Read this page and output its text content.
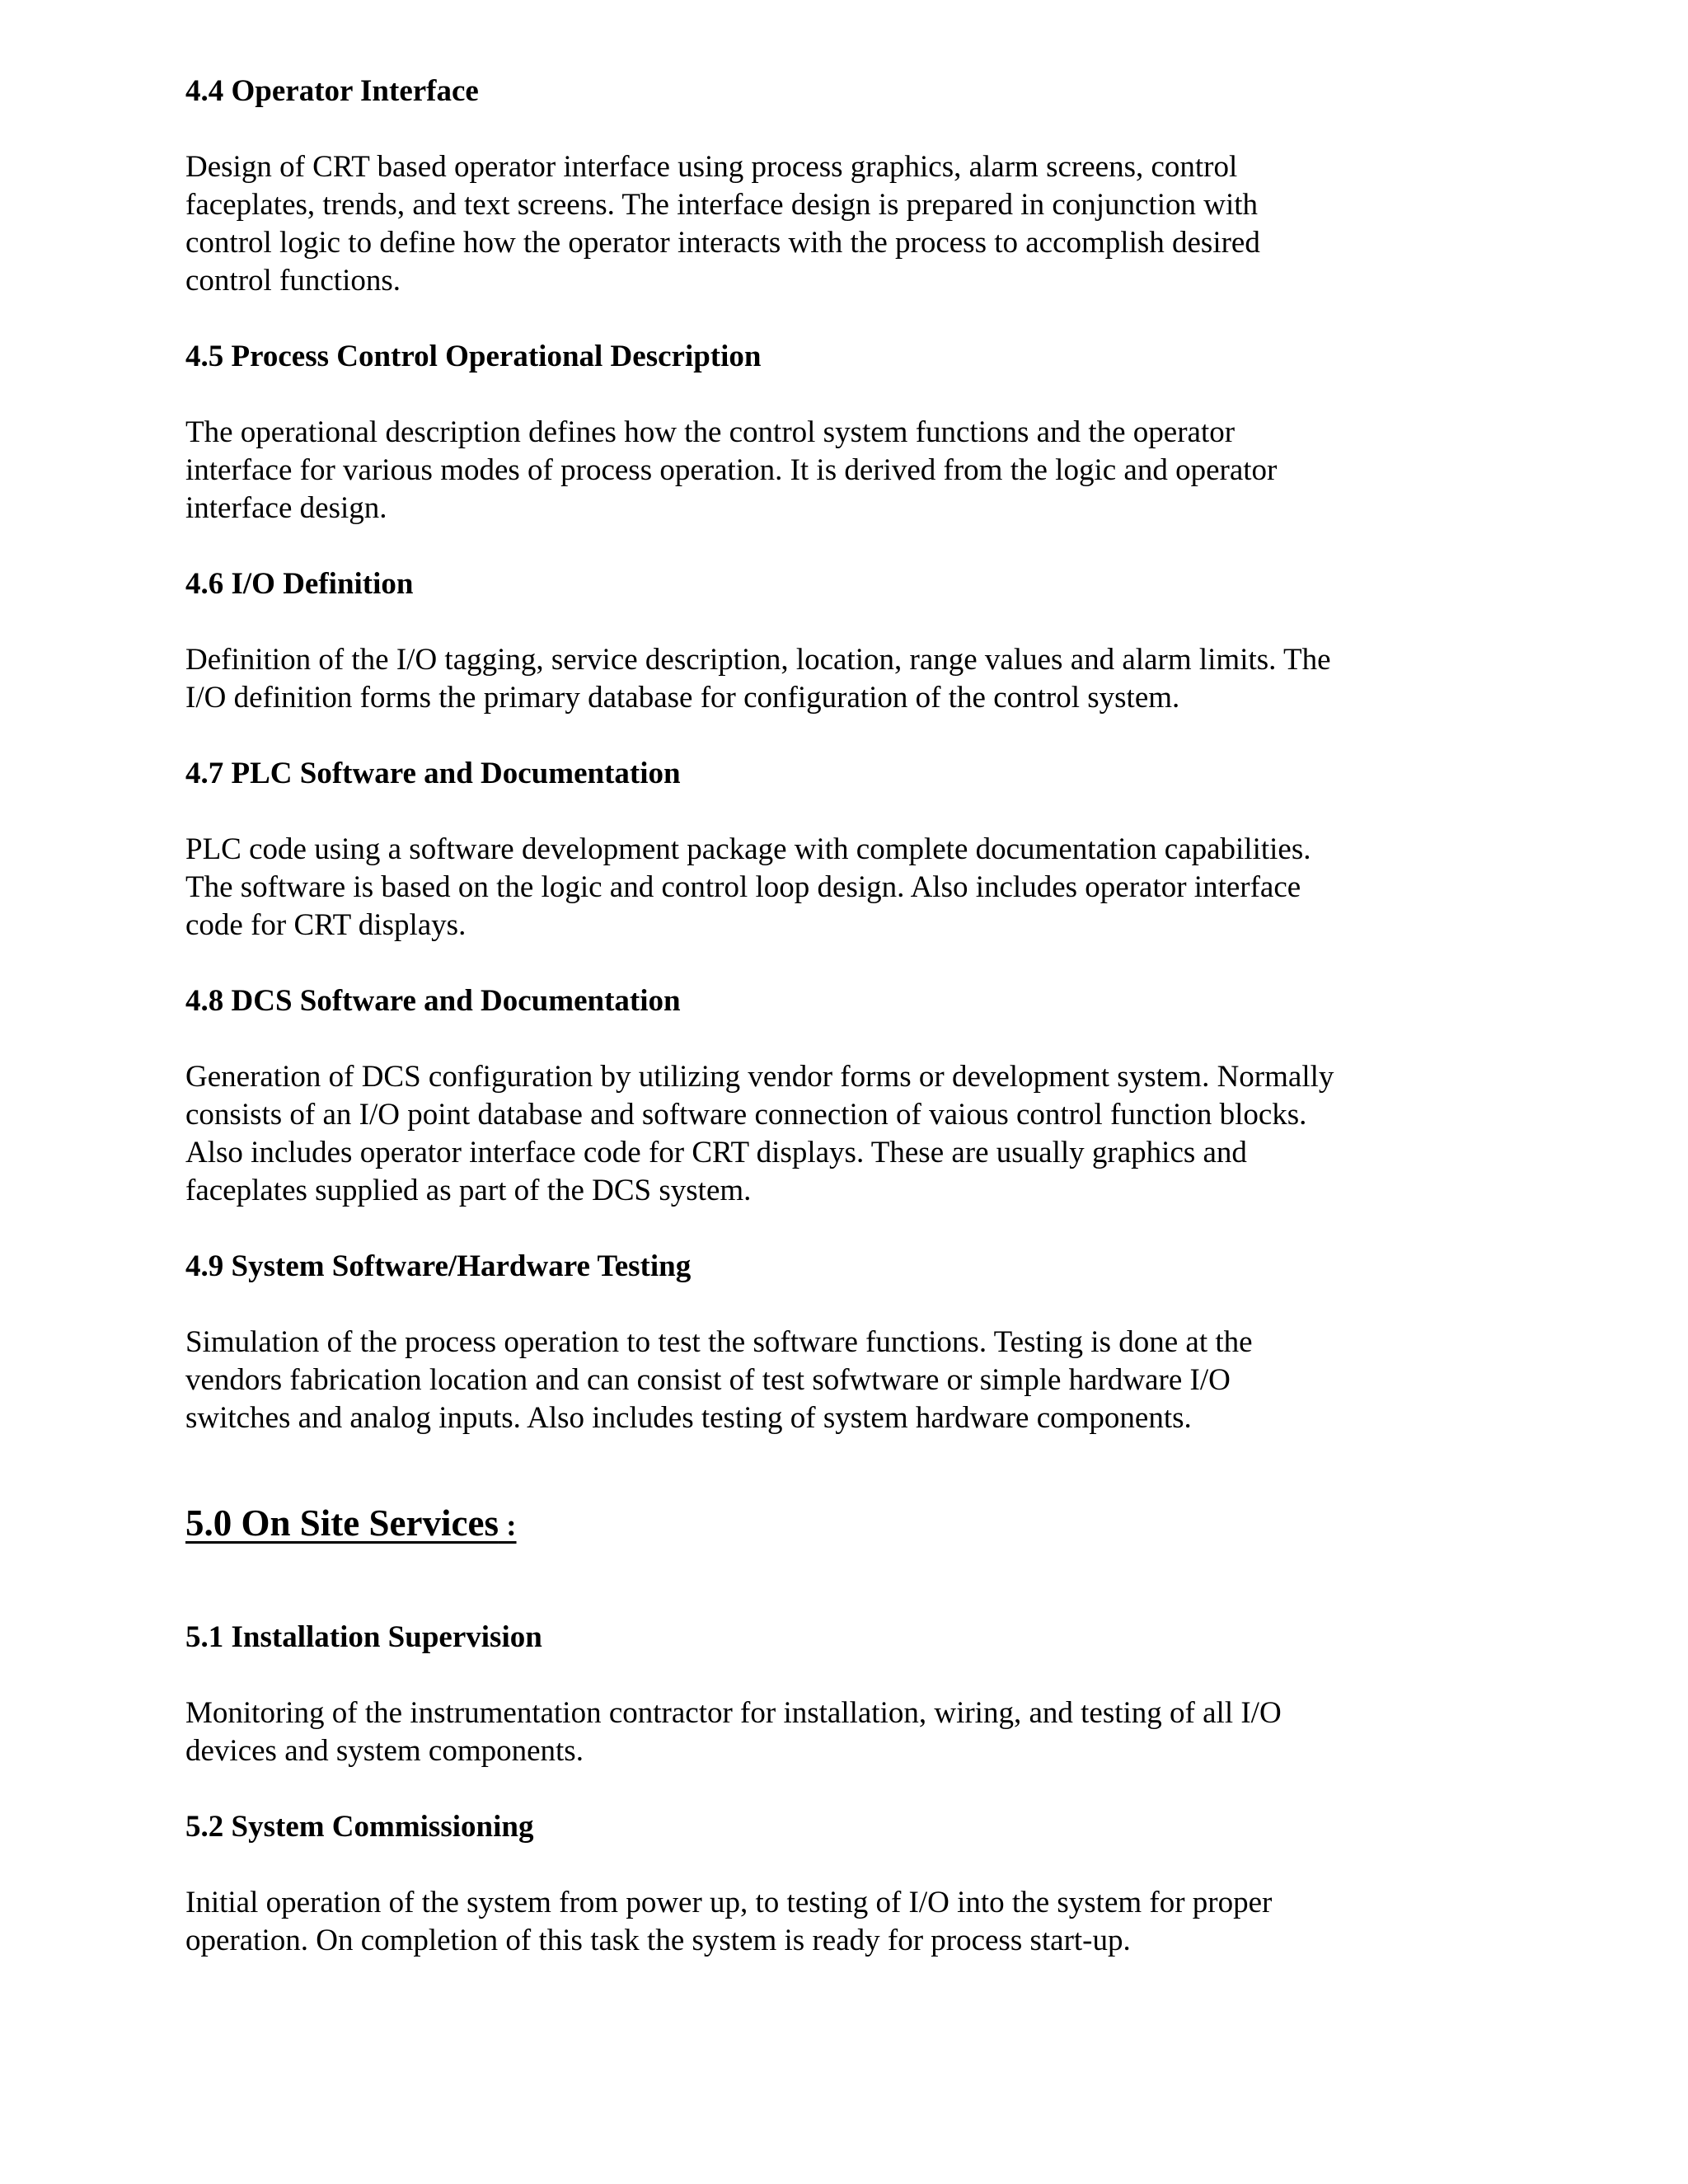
4.4 Operator Interface

Design of CRT based operator interface using process graphics, alarm screens, control
faceplates, trends, and text screens. The interface design is prepared in conjunction with
control logic to define how the operator interacts with the process to accomplish desired
control functions.

4.5 Process Control Operational Description

The operational description defines how the control system functions and the operator
interface for various modes of process operation. It is derived from the logic and operator
interface design.

4.6 I/O Definition

Definition of the I/O tagging, service description, location, range values and alarm limits. The
I/O definition forms the primary database for configuration of the control system.

4.7 PLC Software and Documentation

PLC code using a software development package with complete documentation capabilities.
The software is based on the logic and control loop design. Also includes operator interface
code for CRT displays.

4.8 DCS Software and Documentation

Generation of DCS configuration by utilizing vendor forms or development system. Normally
consists of an I/O point database and software connection of vaious control function blocks.
Also includes operator interface code for CRT displays. These are usually graphics and
faceplates supplied as part of the DCS system.

4.9 System Software/Hardware Testing

Simulation of the process operation to test the software functions. Testing is done at the
vendors fabrication location and can consist of test sofwtware or simple hardware I/O
switches and analog inputs. Also includes testing of system hardware components.

5.0 On Site Services :
5.1 Installation Supervision

Monitoring of the instrumentation contractor for installation, wiring, and testing of all I/O
devices and system components.

5.2 System Commissioning

Initial operation of the system from power up, to testing of I/O into the system for proper
operation. On completion of this task the system is ready for process start-up.
